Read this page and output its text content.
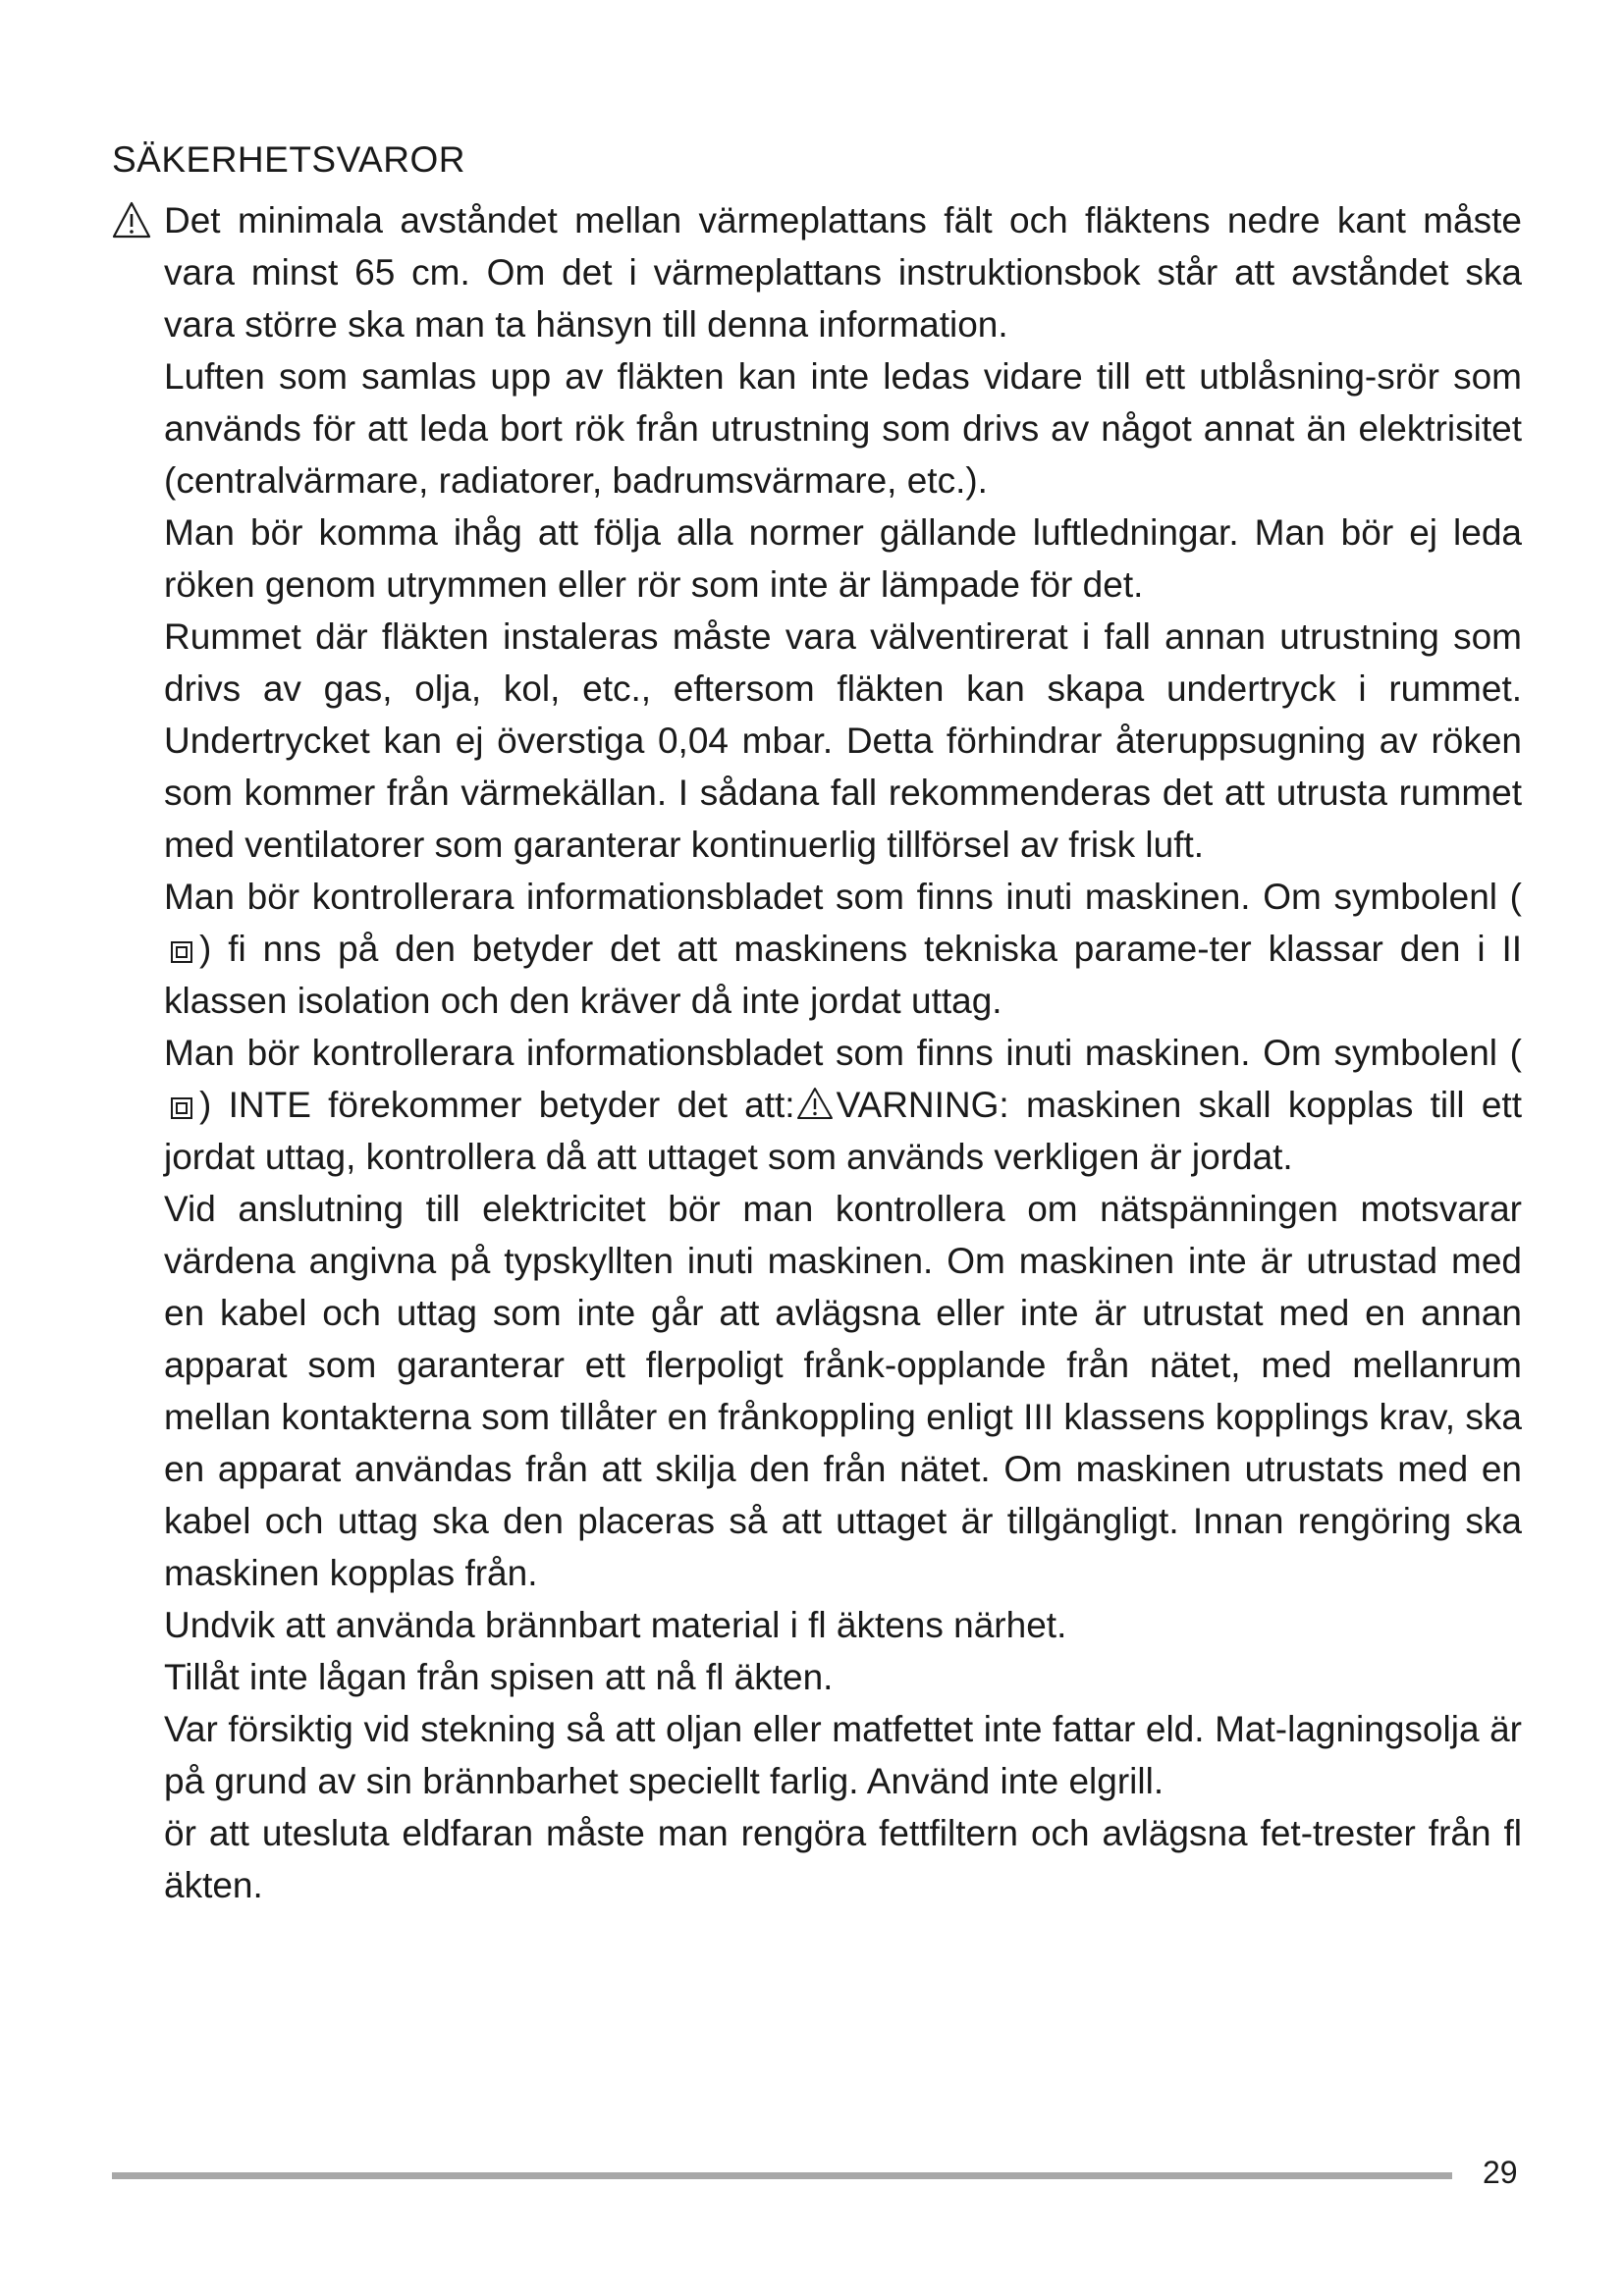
SÄKERHETSVAROR

Det minimala avståndet mellan värmeplattans fält och fläktens nedre kant måste vara minst 65 cm. Om det i värmeplattans instruktionsbok står att avståndet ska vara större ska man ta hänsyn till denna information.

Luften som samlas upp av fläkten kan inte ledas vidare till ett utblåsning-srör som används för att leda bort rök från utrustning som drivs av något annat än elektrisitet (centralvärmare, radiatorer, badrumsvärmare, etc.).

Man bör komma ihåg att följa alla normer gällande luftledningar. Man bör ej leda röken genom utrymmen eller rör som inte är lämpade för det.

Rummet där fläkten instaleras måste vara välventirerat i fall annan utrustning som drivs av gas, olja, kol, etc., eftersom fläkten kan skapa undertryck i rummet. Undertrycket kan ej överstiga 0,04 mbar. Detta förhindrar återuppsugning av röken som kommer från värmekällan. I sådana fall rekommenderas det att utrusta rummet med ventilatorer som garanterar kontinuerlig tillförsel av frisk luft.

Man bör kontrollerara informationsbladet som finns inuti maskinen. Om symbolenl () fi nns på den betyder det att maskinens tekniska parame-ter klassar den i II klassen isolation och den kräver då inte jordat uttag.

Man bör kontrollerara informationsbladet som finns inuti maskinen. Om symbolenl () INTE förekommer betyder det att: VARNING: maskinen skall kopplas till ett jordat uttag, kontrollera då att uttaget som används verkligen är jordat.

Vid anslutning till elektricitet bör man kontrollera om nätspänningen motsvarar värdena angivna på typskyllten inuti maskinen. Om maskinen inte är utrustad med en kabel och uttag som inte går att avlägsna eller inte är utrustat med en annan apparat som garanterar ett flerpoligt frånk-opplande från nätet, med mellanrum mellan kontakterna som tillåter en frånkoppling enligt III klassens kopplings krav, ska en apparat användas från att skilja den från nätet. Om maskinen utrustats med en kabel och uttag ska den placeras så att uttaget är tillgängligt. Innan rengöring ska maskinen kopplas från.

Undvik att använda brännbart material i fl äktens närhet.

Tillåt inte lågan från spisen att nå fl äkten.

Var försiktig vid stekning så att oljan eller matfettet inte fattar eld. Mat-lagningsolja är på grund av sin brännbarhet speciellt farlig. Använd inte elgrill.

ör att utesluta eldfaran måste man rengöra fettfiltern och avlägsna fet-trester från fl äkten.

29
